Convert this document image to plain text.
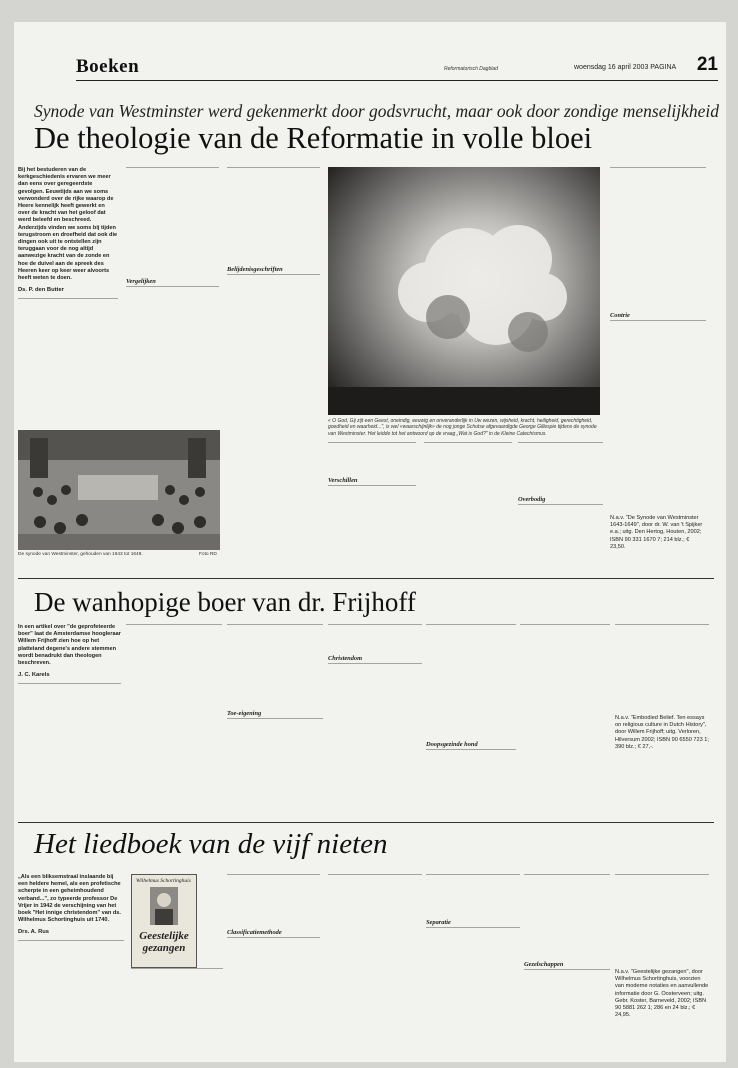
Boeken	Reformatorisch Dagblad	woensdag 16 april 2003 PAGINA 21
Synode van Westminster werd gekenmerkt door godsvrucht, maar ook door zondige menselijkheid
De theologie van de Reformatie in volle bloei
Bij het bestuderen van de kerkgeschiedenis ervaren we meer dan eens over geregeerdste gevolgen. Eeuwtijds aan we soms verwonderd over de rijke waarop de Heere kennelijk heeft gewerkt en over de kracht van het geloof dat werd beleefd en beschreed. Anderzijds vinden we soms bij tijden terugstroom en droefheid dat ook die dingen ook uit te ontstellen zijn teruggaan voor de nog altijd aanwezige kracht van de zonde en hoe de duivel aan de spreek des Heeren keer op keer weer alvoorts heeft weten te doen.
Ds. P. den Butter
Vergelijken
Belijdenisgeschriften
De synode van Westminster, gehouden van 1643 tot 1648.	Foto RD
« O God, Gij zijt een Geest, oneindig, eeuwig en onveranderlijk in Uw wezen, wijsheid, kracht, heiligheid, gerechtigheid, goedheid en waarheid...", is wel «waarschijnlijk» de nog jonge Schotse afgevaardigde George Gillespie tijdens de synode van Westminster. Het leidde tot het antwoord op de vraag „Wat is God?" in de Kleine Catechismus.
Verschillen
Overbodig
Contrie
N.a.v. "De Synode van Westminster 1643-1649", door dr. W. van 't Spijker e.a.; uitg. Den Hertog, Houten, 2002; ISBN 90 331 1670 7; 214 blz.; € 23,50.
De wanhopige boer van dr. Frijhoff
In een artikel over "de geprofeteerde boer" laat de Amsterdamse hoogleraar Willem Frijhoff zien hoe op het platteland degene's andere stemmen wordt benadrukt dan theologen beschreven.
J. C. Karels
Toe-eigening
Christendom
Doopsgezinde hond
N.a.v. "Embodied Belief. Ten essays on religious culture in Dutch History", door Willem Frijhoff; uitg. Verloren, Hilversum 2002; ISBN 90 6550 723 1; 390 blz.; € 27,-.
Het liedboek van de vijf nieten
„Als een bliksemstraal inslaande bij een heldere hemel, als een profetische scherpte in een geheimhoudend verband...", zo typeerde professor De Vrijer in 1942 de verschijning van het boek "Het innige christendom" van ds. Wilhelmus Schortinghuis uit 1740.
Drs. A. Rus
Wilhelmus Schortinghuis
Geestelijke gezangen
Classificatiemethode
Separatie
Gezelschappen
N.a.v. "Geestelijke gezangen", door Wilhelmus Schortinghuis, voorzien van moderne notaties en aanvullende informatie door G. Oosterveen; uitg. Gebr. Koster, Barneveld, 2002; ISBN 90 5881 262 1; 286 en 24 blz.; € 24,95.
